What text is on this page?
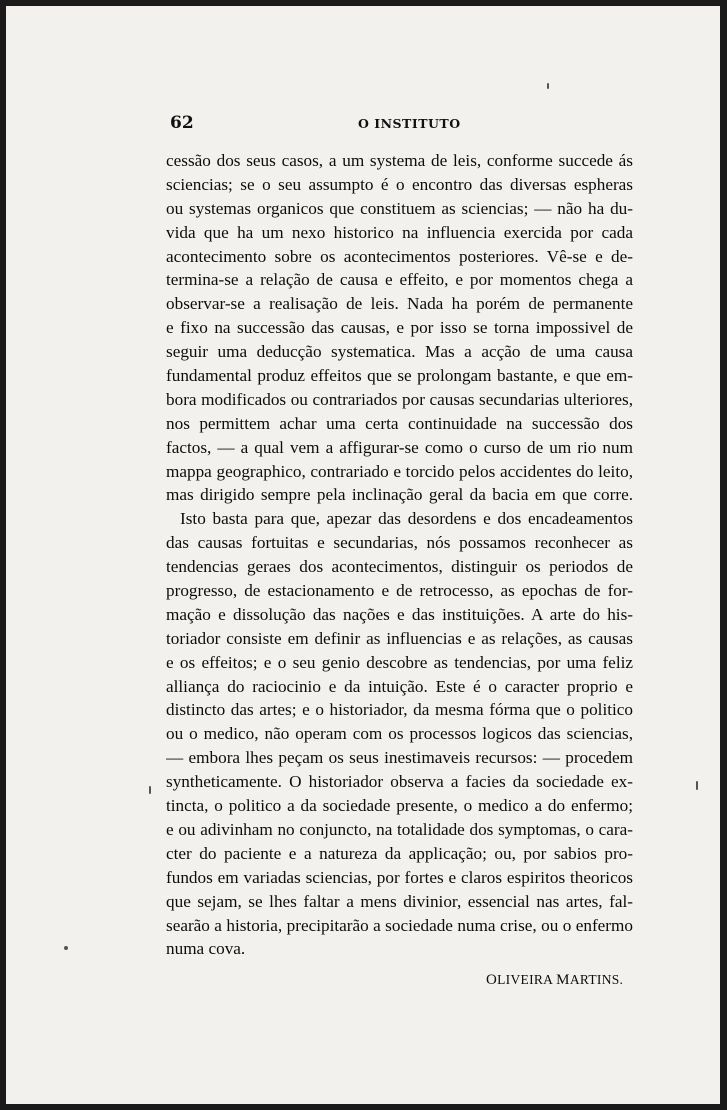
62	O INSTITUTO
cessão dos seus casos, a um systema de leis, conforme succede ás
sciencias; se o seu assumpto é o encontro das diversas espheras
ou systemas organicos que constituem as sciencias; — não ha du-
vida que ha um nexo historico na influencia exercida por cada
acontecimento sobre os acontecimentos posteriores. Vê-se e de-
termina-se a relação de causa e effeito, e por momentos chega a
observar-se a realisação de leis. Nada ha porém de permanente
e fixo na successão das causas, e por isso se torna impossivel de
seguir uma deducção systematica. Mas a acção de uma causa
fundamental produz effeitos que se prolongam bastante, e que em-
bora modificados ou contrariados por causas secundarias ulteriores,
nos permittem achar uma certa continuidade na successão dos
factos, — a qual vem a affigurar-se como o curso de um rio num
mappa geographico, contrariado e torcido pelos accidentes do leito,
mas dirigido sempre pela inclinação geral da bacia em que corre.
Isto basta para que, apezar das desordens e dos encadeamentos
das causas fortuitas e secundarias, nós possamos reconhecer as
tendencias geraes dos acontecimentos, distinguir os periodos de
progresso, de estacionamento e de retrocesso, as epochas de for-
mação e dissolução das nações e das instituições. A arte do his-
toriador consiste em definir as influencias e as relações, as causas
e os effeitos; e o seu genio descobre as tendencias, por uma feliz
alliança do raciocinio e da intuição. Este é o caracter proprio e
distincto das artes; e o historiador, da mesma fórma que o politico
ou o medico, não operam com os processos logicos das sciencias,
— embora lhes peçam os seus inestimaveis recursos: — procedem
syntheticamente. O historiador observa a facies da sociedade ex-
tincta, o politico a da sociedade presente, o medico a do enfermo;
e ou adivinham no conjuncto, na totalidade dos symptomas, o cara-
cter do paciente e a natureza da applicação; ou, por sabios pro-
fundos em variadas sciencias, por fortes e claros espiritos theoricos
que sejam, se lhes faltar a mens divinior, essencial nas artes, fal-
searão a historia, precipitarão a sociedade numa crise, ou o enfermo
numa cova.
OLIVEIRA MARTINS.
